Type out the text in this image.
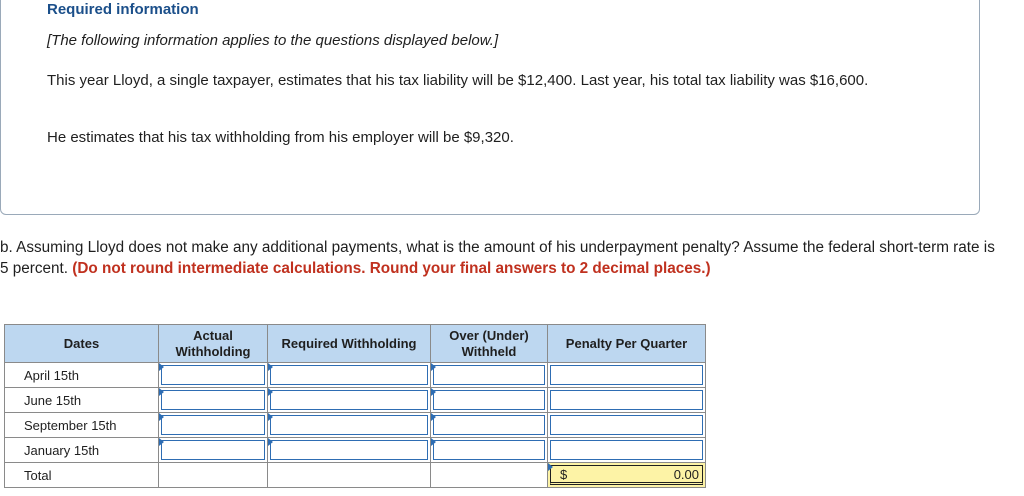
Required information
[The following information applies to the questions displayed below.]
This year Lloyd, a single taxpayer, estimates that his tax liability will be $12,400. Last year, his total tax liability was $16,600.
He estimates that his tax withholding from his employer will be $9,320.
b. Assuming Lloyd does not make any additional payments, what is the amount of his underpayment penalty? Assume the federal short-term rate is 5 percent. (Do not round intermediate calculations. Round your final answers to 2 decimal places.)
Dates	Actual Withholding	Required Withholding	Over (Under) Withheld	Penalty Per Quarter
April 15th	

June 15th	

September 15th	

January 15th	

Total				$ 0.00
